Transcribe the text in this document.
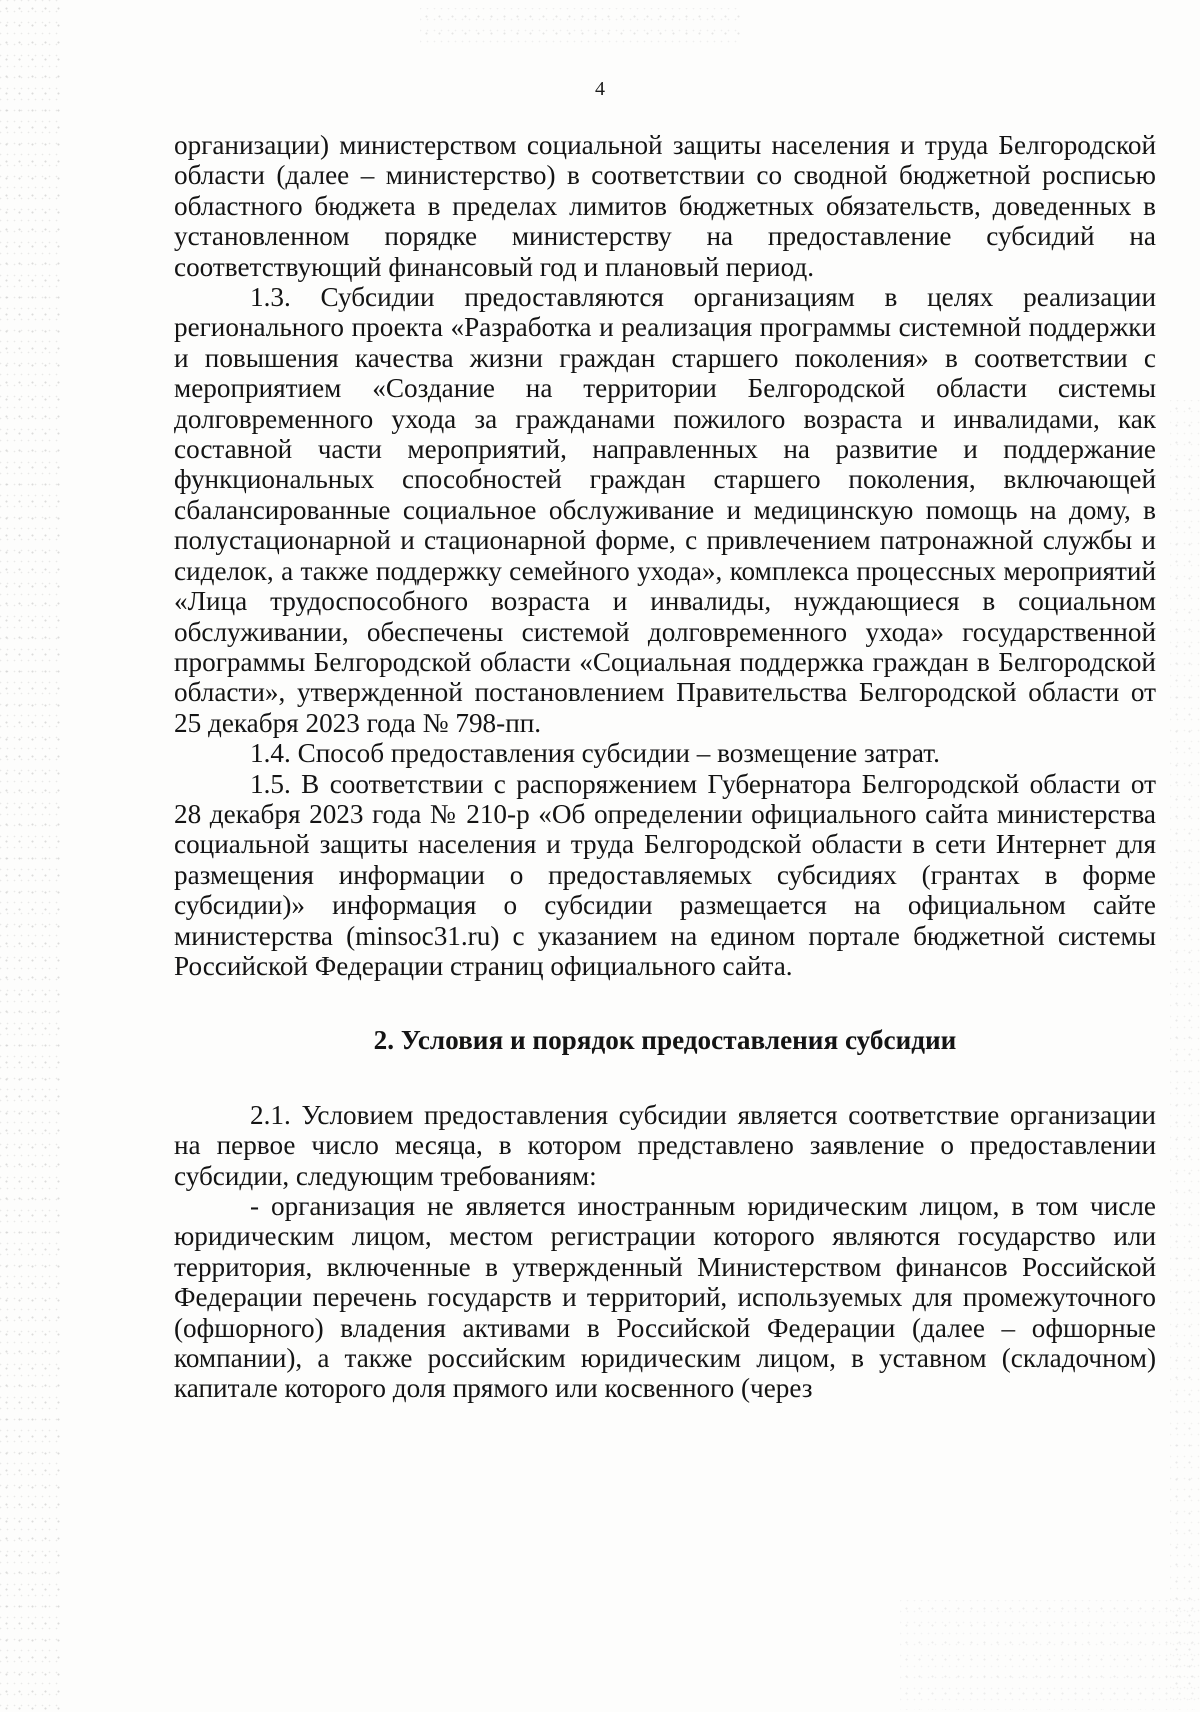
4

организации) министерством социальной защиты населения и труда Белгородской области (далее – министерство) в соответствии со сводной бюджетной росписью областного бюджета в пределах лимитов бюджетных обязательств, доведенных в установленном порядке министерству на предоставление субсидий на соответствующий финансовый год и плановый период.

1.3. Субсидии предоставляются организациям в целях реализации регионального проекта «Разработка и реализация программы системной поддержки и повышения качества жизни граждан старшего поколения» в соответствии с мероприятием «Создание на территории Белгородской области системы долговременного ухода за гражданами пожилого возраста и инвалидами, как составной части мероприятий, направленных на развитие и поддержание функциональных способностей граждан старшего поколения, включающей сбалансированные социальное обслуживание и медицинскую помощь на дому, в полустационарной и стационарной форме, с привлечением патронажной службы и сиделок, а также поддержку семейного ухода», комплекса процессных мероприятий «Лица трудоспособного возраста и инвалиды, нуждающиеся в социальном обслуживании, обеспечены системой долговременного ухода» государственной программы Белгородской области «Социальная поддержка граждан в Белгородской области», утвержденной постановлением Правительства Белгородской области от 25 декабря 2023 года № 798-пп.

1.4. Способ предоставления субсидии – возмещение затрат.

1.5. В соответствии с распоряжением Губернатора Белгородской области от 28 декабря 2023 года № 210-р «Об определении официального сайта министерства социальной защиты населения и труда Белгородской области в сети Интернет для размещения информации о предоставляемых субсидиях (грантах в форме субсидии)» информация о субсидии размещается на официальном сайте министерства (minsoc31.ru) с указанием на едином портале бюджетной системы Российской Федерации страниц официального сайта.

2. Условия и порядок предоставления субсидии

2.1. Условием предоставления субсидии является соответствие организации на первое число месяца, в котором представлено заявление о предоставлении субсидии, следующим требованиям:

- организация не является иностранным юридическим лицом, в том числе юридическим лицом, местом регистрации которого являются государство или территория, включенные в утвержденный Министерством финансов Российской Федерации перечень государств и территорий, используемых для промежуточного (офшорного) владения активами в Российской Федерации (далее – офшорные компании), а также российским юридическим лицом, в уставном (складочном) капитале которого доля прямого или косвенного (через
